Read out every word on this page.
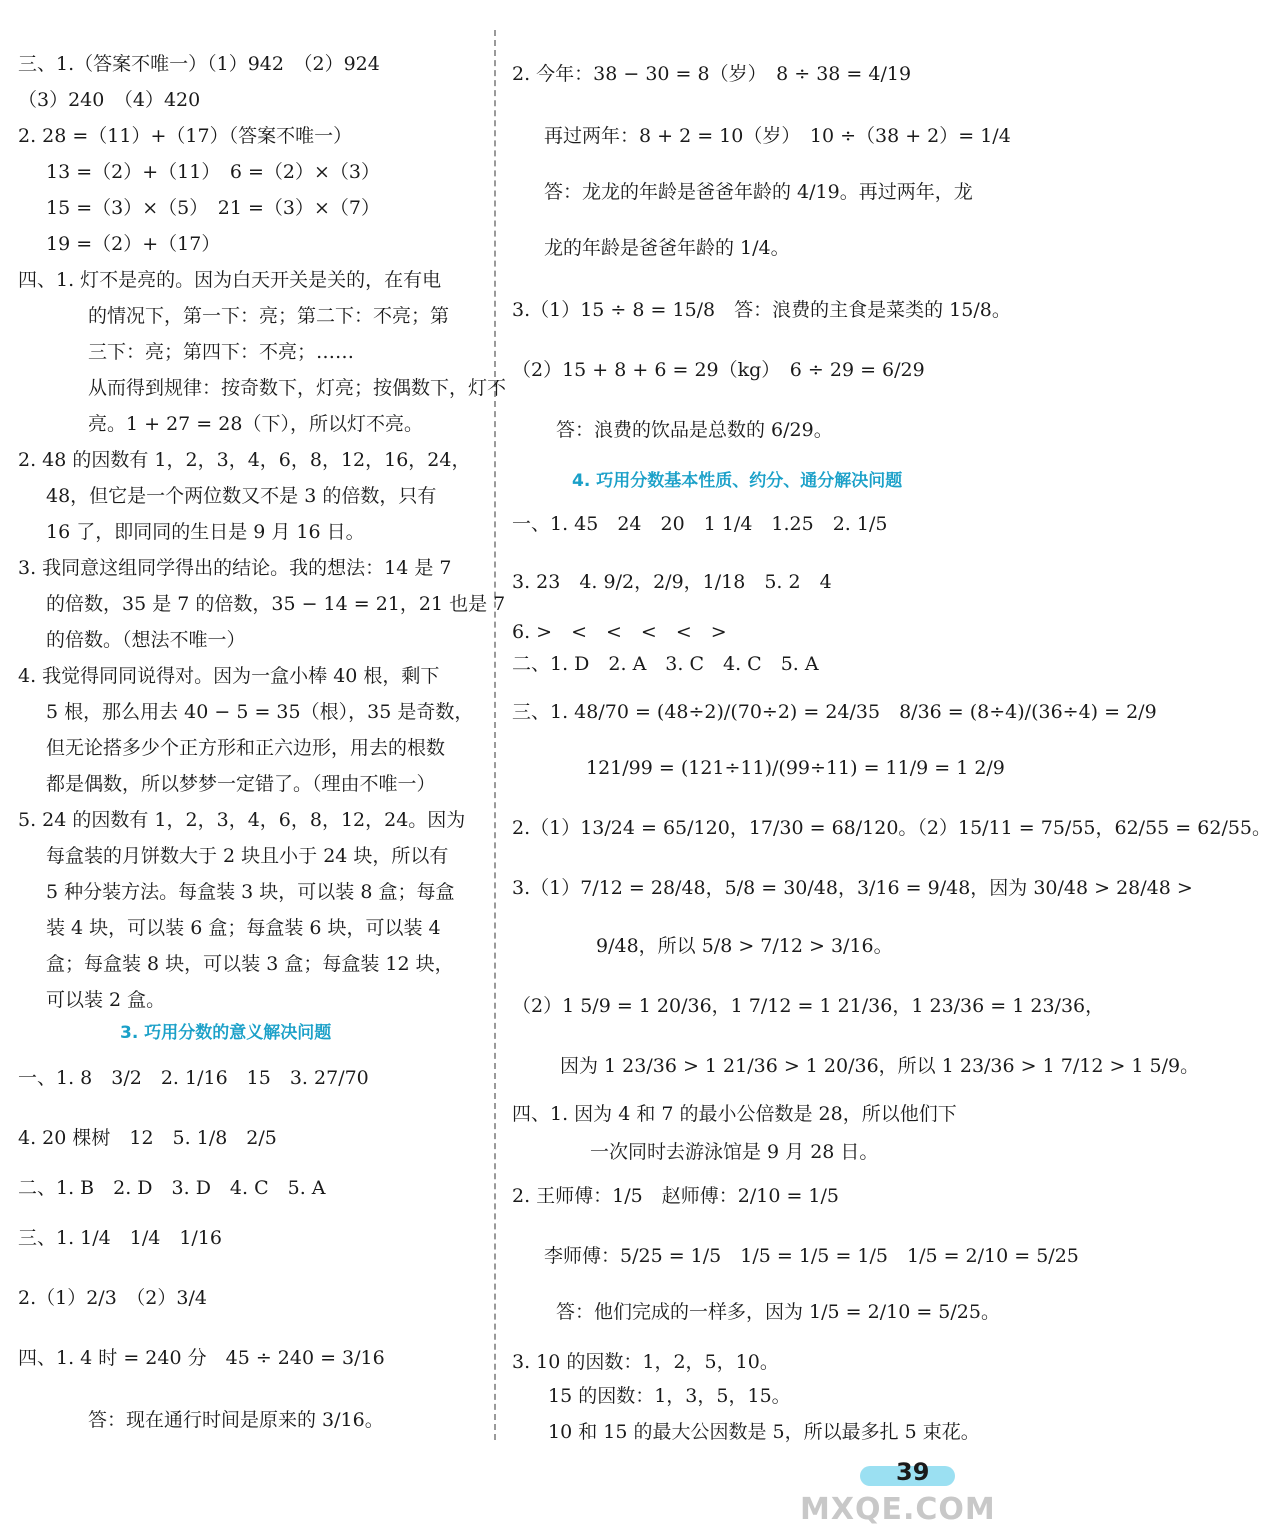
三、1.（答案不唯一）（1）942　（2）924
（3）240　（4）420
2. 28 =（11）+（17）（答案不唯一）
13 =（2）+（11）　6 =（2）×（3）
15 =（3）×（5）　21 =（3）×（7）
19 =（2）+（17）
四、1. 灯不是亮的。因为白天开关是关的，在有电
的情况下，第一下：亮；第二下：不亮；第
三下：亮；第四下：不亮；……
从而得到规律：按奇数下，灯亮；按偶数下，灯不
亮。1 + 27 = 28（下），所以灯不亮。
2. 48 的因数有 1，2，3，4，6，8，12，16，24，
48，但它是一个两位数又不是 3 的倍数，只有
16 了，即同同的生日是 9 月 16 日。
3. 我同意这组同学得出的结论。我的想法：14 是 7
的倍数，35 是 7 的倍数，35 − 14 = 21，21 也是 7
的倍数。（想法不唯一）
4. 我觉得同同说得对。因为一盒小棒 40 根，剩下
5 根，那么用去 40 − 5 = 35（根），35 是奇数，
但无论搭多少个正方形和正六边形，用去的根数
都是偶数，所以梦梦一定错了。（理由不唯一）
5. 24 的因数有 1，2，3，4，6，8，12，24。因为
每盒装的月饼数大于 2 块且小于 24 块，所以有
5 种分装方法。每盒装 3 块，可以装 8 盒；每盒
装 4 块，可以装 6 盒；每盒装 6 块，可以装 4
盒；每盒装 8 块，可以装 3 盒；每盒装 12 块，
可以装 2 盒。
一、1. 8　3/2　2. 1/16　15　3. 27/70
4. 20 棵树　12　5. 1/8　2/5
二、1. B　2. D　3. D　4. C　5. A
三、1. 1/4　1/4　1/16
2.（1）2/3　（2）3/4
四、1. 4 时 = 240 分　45 ÷ 240 = 3/16
答：现在通行时间是原来的 3/16。
3. 巧用分数的意义解决问题
2. 今年：38 − 30 = 8（岁）　8 ÷ 38 = 4/19
再过两年：8 + 2 = 10（岁）　10 ÷（38 + 2）= 1/4
答：龙龙的年龄是爸爸年龄的 4/19。再过两年，龙
龙的年龄是爸爸年龄的 1/4。
3.（1）15 ÷ 8 = 15/8　答：浪费的主食是菜类的 15/8。
（2）15 + 8 + 6 = 29（kg）　6 ÷ 29 = 6/29
答：浪费的饮品是总数的 6/29。
一、1. 45　24　20　1 1/4　1.25　2. 1/5
3. 23　4. 9/2，2/9，1/18　5. 2　4
6. >　<　<　<　<　>
二、1. D　2. A　3. C　4. C　5. A
三、1. 48/70 = (48÷2)/(70÷2) = 24/35　8/36 = (8÷4)/(36÷4) = 2/9
121/99 = (121÷11)/(99÷11) = 11/9 = 1 2/9
2.（1）13/24 = 65/120，17/30 = 68/120。（2）15/11 = 75/55，62/55 = 62/55。
3.（1）7/12 = 28/48，5/8 = 30/48，3/16 = 9/48，因为 30/48 > 28/48 >
9/48，所以 5/8 > 7/12 > 3/16。
（2）1 5/9 = 1 20/36，1 7/12 = 1 21/36，1 23/36 = 1 23/36，
因为 1 23/36 > 1 21/36 > 1 20/36，所以 1 23/36 > 1 7/12 > 1 5/9。
四、1. 因为 4 和 7 的最小公倍数是 28，所以他们下
一次同时去游泳馆是 9 月 28 日。
2. 王师傅：1/5　赵师傅：2/10 = 1/5
李师傅：5/25 = 1/5　1/5 = 1/5 = 1/5　1/5 = 2/10 = 5/25
答：他们完成的一样多，因为 1/5 = 2/10 = 5/25。
3. 10 的因数：1，2，5，10。
15 的因数：1，3，5，15。
10 和 15 的最大公因数是 5，所以最多扎 5 束花。
4. 巧用分数基本性质、约分、通分解决问题
39
MXQE.COM
